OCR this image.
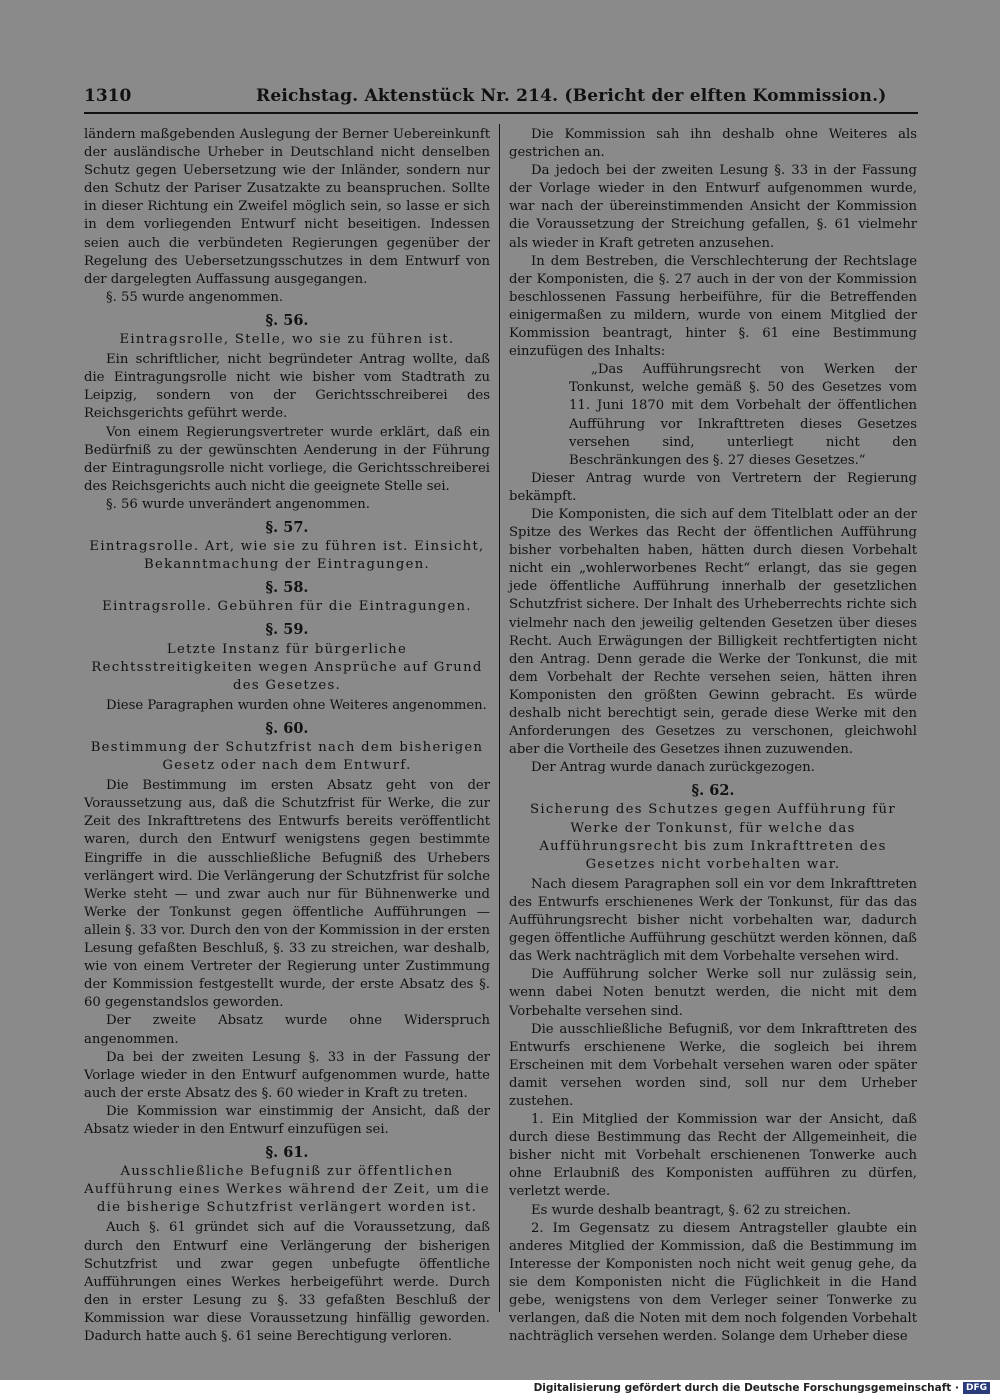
1310	Reichstag. Aktenstück Nr. 214. (Bericht der elften Kommission.)

ländern maßgebenden Auslegung der Berner Uebereinkunft der ausländische Urheber in Deutschland nicht denselben Schutz gegen Uebersetzung wie der Inländer, sondern nur den Schutz der Pariser Zusatzakte zu beanspruchen. Sollte in dieser Richtung ein Zweifel möglich sein, so lasse er sich in dem vorliegenden Entwurf nicht beseitigen. Indessen seien auch die verbündeten Regierungen gegenüber der Regelung des Uebersetzungsschutzes in dem Entwurf von der dargelegten Auffassung ausgegangen.

§. 55 wurde angenommen.

§. 56.
Eintragsrolle, Stelle, wo sie zu führen ist.

Ein schriftlicher, nicht begründeter Antrag wollte, daß die Eintragungsrolle nicht wie bisher vom Stadtrath zu Leipzig, sondern von der Gerichtsschreiberei des Reichsgerichts geführt werde.

Von einem Regierungsvertreter wurde erklärt, daß ein Bedürfniß zu der gewünschten Aenderung in der Führung der Eintragungsrolle nicht vorliege, die Gerichtsschreiberei des Reichsgerichts auch nicht die geeignete Stelle sei.

§. 56 wurde unverändert angenommen.

§. 57.
Eintragsrolle. Art, wie sie zu führen ist. Einsicht, Bekanntmachung der Eintragungen.
§. 58.
Eintragsrolle. Gebühren für die Eintragungen.
§. 59.
Letzte Instanz für bürgerliche Rechtsstreitigkeiten wegen Ansprüche auf Grund des Gesetzes.

Diese Paragraphen wurden ohne Weiteres angenommen.

§. 60.
Bestimmung der Schutzfrist nach dem bisherigen Gesetz oder nach dem Entwurf.

Die Bestimmung im ersten Absatz geht von der Voraussetzung aus, daß die Schutzfrist für Werke, die zur Zeit des Inkrafttretens des Entwurfs bereits veröffentlicht waren, durch den Entwurf wenigstens gegen bestimmte Eingriffe in die ausschließliche Befugniß des Urhebers verlängert wird. Die Verlängerung der Schutzfrist für solche Werke steht — und zwar auch nur für Bühnenwerke und Werke der Tonkunst gegen öffentliche Aufführungen — allein §. 33 vor. Durch den von der Kommission in der ersten Lesung gefaßten Beschluß, §. 33 zu streichen, war deshalb, wie von einem Vertreter der Regierung unter Zustimmung der Kommission festgestellt wurde, der erste Absatz des §. 60 gegenstandslos geworden.

Der zweite Absatz wurde ohne Widerspruch angenommen.

Da bei der zweiten Lesung §. 33 in der Fassung der Vorlage wieder in den Entwurf aufgenommen wurde, hatte auch der erste Absatz des §. 60 wieder in Kraft zu treten.

Die Kommission war einstimmig der Ansicht, daß der Absatz wieder in den Entwurf einzufügen sei.

§. 61.
Ausschließliche Befugniß zur öffentlichen Aufführung eines Werkes während der Zeit, um die die bisherige Schutzfrist verlängert worden ist.

Auch §. 61 gründet sich auf die Voraussetzung, daß durch den Entwurf eine Verlängerung der bisherigen Schutzfrist und zwar gegen unbefugte öffentliche Aufführungen eines Werkes herbeigeführt werde. Durch den in erster Lesung zu §. 33 gefaßten Beschluß der Kommission war diese Voraussetzung hinfällig geworden. Dadurch hatte auch §. 61 seine Berechtigung verloren.

Die Kommission sah ihn deshalb ohne Weiteres als gestrichen an.

Da jedoch bei der zweiten Lesung §. 33 in der Fassung der Vorlage wieder in den Entwurf aufgenommen wurde, war nach der übereinstimmenden Ansicht der Kommission die Voraussetzung der Streichung gefallen, §. 61 vielmehr als wieder in Kraft getreten anzusehen.

In dem Bestreben, die Verschlechterung der Rechtslage der Komponisten, die §. 27 auch in der von der Kommission beschlossenen Fassung herbeiführe, für die Betreffenden einigermaßen zu mildern, wurde von einem Mitglied der Kommission beantragt, hinter §. 61 eine Bestimmung einzufügen des Inhalts:

„Das Aufführungsrecht von Werken der Tonkunst, welche gemäß §. 50 des Gesetzes vom 11. Juni 1870 mit dem Vorbehalt der öffentlichen Aufführung vor Inkrafttreten dieses Gesetzes versehen sind, unterliegt nicht den Beschränkungen des §. 27 dieses Gesetzes.“

Dieser Antrag wurde von Vertretern der Regierung bekämpft.

Die Komponisten, die sich auf dem Titelblatt oder an der Spitze des Werkes das Recht der öffentlichen Aufführung bisher vorbehalten haben, hätten durch diesen Vorbehalt nicht ein „wohlerworbenes Recht“ erlangt, das sie gegen jede öffentliche Aufführung innerhalb der gesetzlichen Schutzfrist sichere. Der Inhalt des Urheberrechts richte sich vielmehr nach den jeweilig geltenden Gesetzen über dieses Recht. Auch Erwägungen der Billigkeit rechtfertigten nicht den Antrag. Denn gerade die Werke der Tonkunst, die mit dem Vorbehalt der Rechte versehen seien, hätten ihren Komponisten den größten Gewinn gebracht. Es würde deshalb nicht berechtigt sein, gerade diese Werke mit den Anforderungen des Gesetzes zu verschonen, gleichwohl aber die Vortheile des Gesetzes ihnen zuzuwenden.

Der Antrag wurde danach zurückgezogen.

§. 62.
Sicherung des Schutzes gegen Aufführung für Werke der Tonkunst, für welche das Aufführungsrecht bis zum Inkrafttreten des Gesetzes nicht vorbehalten war.

Nach diesem Paragraphen soll ein vor dem Inkrafttreten des Entwurfs erschienenes Werk der Tonkunst, für das das Aufführungsrecht bisher nicht vorbehalten war, dadurch gegen öffentliche Aufführung geschützt werden können, daß das Werk nachträglich mit dem Vorbehalte versehen wird.

Die Aufführung solcher Werke soll nur zulässig sein, wenn dabei Noten benutzt werden, die nicht mit dem Vorbehalte versehen sind.

Die ausschließliche Befugniß, vor dem Inkrafttreten des Entwurfs erschienene Werke, die sogleich bei ihrem Erscheinen mit dem Vorbehalt versehen waren oder später damit versehen worden sind, soll nur dem Urheber zustehen.

1. Ein Mitglied der Kommission war der Ansicht, daß durch diese Bestimmung das Recht der Allgemeinheit, die bisher nicht mit Vorbehalt erschienenen Tonwerke auch ohne Erlaubniß des Komponisten aufführen zu dürfen, verletzt werde.

Es wurde deshalb beantragt, §. 62 zu streichen.

2. Im Gegensatz zu diesem Antragsteller glaubte ein anderes Mitglied der Kommission, daß die Bestimmung im Interesse der Komponisten noch nicht weit genug gehe, da sie dem Komponisten nicht die Füglichkeit in die Hand gebe, wenigstens von dem Verleger seiner Tonwerke zu verlangen, daß die Noten mit dem noch folgenden Vorbehalt nachträglich versehen werden. Solange dem Urheber diese

Digitalisierung gefördert durch die Deutsche Forschungsgemeinschaft · DFG
